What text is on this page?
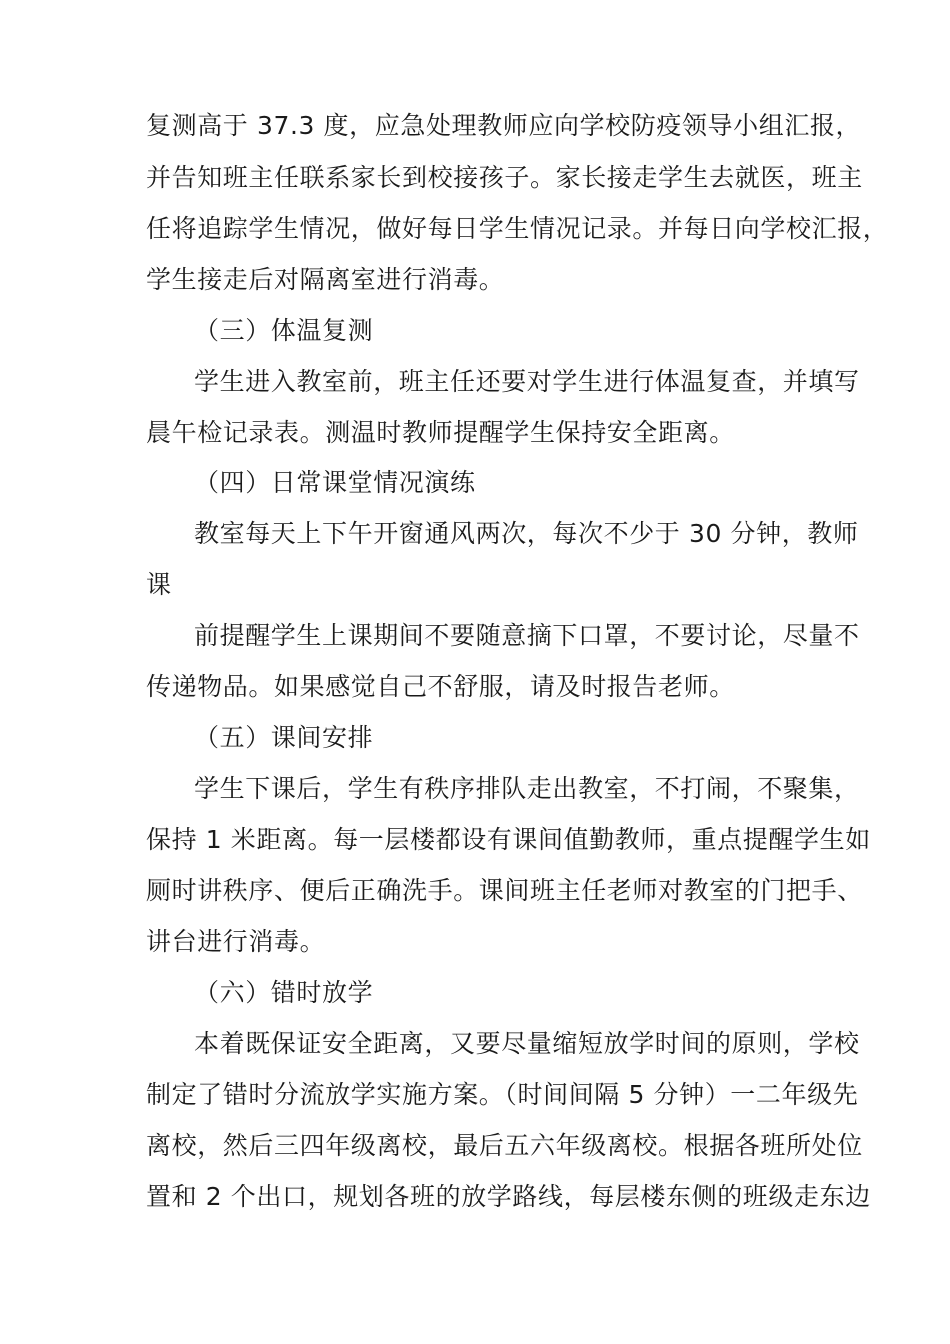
复测高于 37.3 度，应急处理教师应向学校防疫领导小组汇报，
并告知班主任联系家长到校接孩子。家长接走学生去就医，班主
任将追踪学生情况，做好每日学生情况记录。并每日向学校汇报，
学生接走后对隔离室进行消毒。
（三）体温复测
学生进入教室前，班主任还要对学生进行体温复查，并填写
晨午检记录表。测温时教师提醒学生保持安全距离。
（四）日常课堂情况演练
教室每天上下午开窗通风两次，每次不少于 30 分钟，教师
课
前提醒学生上课期间不要随意摘下口罩，不要讨论，尽量不
传递物品。如果感觉自己不舒服，请及时报告老师。
（五）课间安排
学生下课后，学生有秩序排队走出教室，不打闹，不聚集，
保持 1 米距离。每一层楼都设有课间值勤教师，重点提醒学生如
厕时讲秩序、便后正确洗手。课间班主任老师对教室的门把手、
讲台进行消毒。
（六）错时放学
本着既保证安全距离，又要尽量缩短放学时间的原则，学校
制定了错时分流放学实施方案。（时间间隔 5 分钟）一二年级先
离校，然后三四年级离校，最后五六年级离校。根据各班所处位
置和 2 个出口，规划各班的放学路线，每层楼东侧的班级走东边
